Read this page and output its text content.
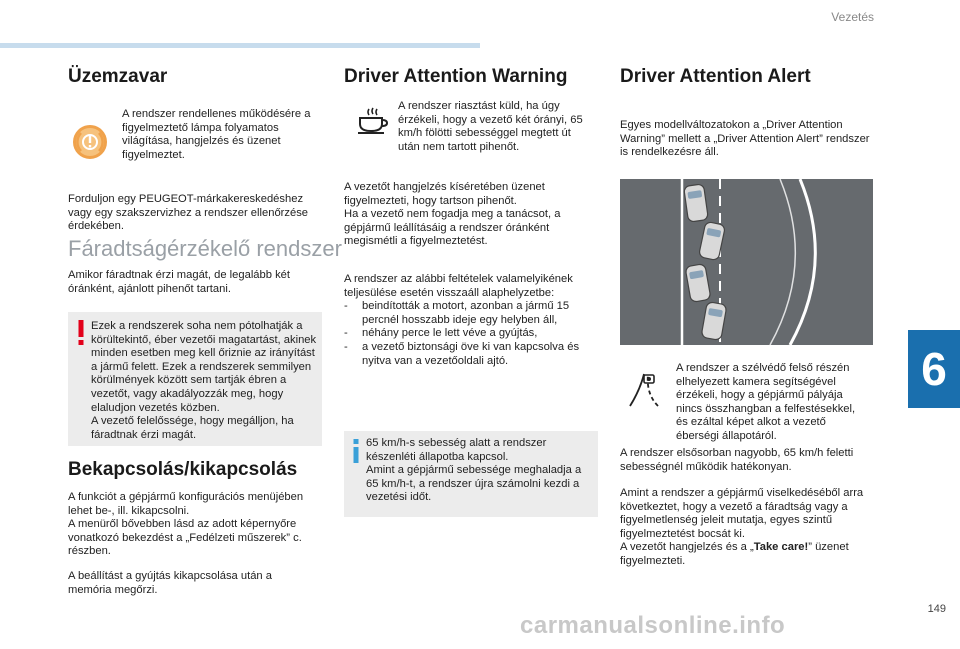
Vezetés
Üzemzavar
A rendszer rendellenes működésére a figyelmeztető lámpa folyamatos világítása, hangjelzés és üzenet figyelmeztet.
Forduljon egy PEUGEOT-márkakereskedéshez vagy egy szakszervizhez a rendszer ellenőrzése érdekében.
Fáradtságérzékelő rendszer
Amikor fáradtnak érzi magát, de legalább két óránként, ajánlott pihenőt tartani.
Ezek a rendszerek soha nem pótolhatják a körültekintő, éber vezetői magatartást, akinek minden esetben meg kell őriznie az irányítást a jármű felett. Ezek a rendszerek semmilyen körülmények között sem tartják ébren a vezetőt, vagy akadályozzák meg, hogy elaludjon vezetés közben.
A vezető felelőssége, hogy megálljon, ha fáradtnak érzi magát.
Bekapcsolás/kikapcsolás
A funkciót a gépjármű konfigurációs menüjében lehet be-, ill. kikapcsolni.
A menüről bővebben lásd az adott képernyőre vonatkozó bekezdést a „Fedélzeti műszerek” c. részben.
A beállítást a gyújtás kikapcsolása után a memória megőrzi.
Driver Attention Warning
A rendszer riasztást küld, ha úgy érzékeli, hogy a vezető két órányi, 65 km/h fölötti sebességgel megtett út után nem tartott pihenőt.
A vezetőt hangjelzés kíséretében üzenet figyelmezteti, hogy tartson pihenőt.
Ha a vezető nem fogadja meg a tanácsot, a gépjármű leállításáig a rendszer óránként megismétli a figyelmeztetést.
A rendszer az alábbi feltételek valamelyikének teljesülése esetén visszaáll alaphelyzetbe:
-	beindították a motort, azonban a jármű 15 percnél hosszabb ideje egy helyben áll,
-	néhány perce le lett véve a gyújtás,
-	a vezető biztonsági öve ki van kapcsolva és nyitva van a vezetőoldali ajtó.
65 km/h-s sebesség alatt a rendszer készenléti állapotba kapcsol.
Amint a gépjármű sebessége meghaladja a 65 km/h-t, a rendszer újra számolni kezdi a vezetési időt.
Driver Attention Alert
Egyes modellváltozatokon a „Driver Attention Warning” mellett a „Driver Attention Alert” rendszer is rendelkezésre áll.
A rendszer a szélvédő felső részén elhelyezett kamera segítségével érzékeli, hogy a gépjármű pályája nincs összhangban a felfestésekkel, és ezáltal képet alkot a vezető éberségi állapotáról.
A rendszer elsősorban nagyobb, 65 km/h feletti sebességnél működik hatékonyan.
Amint a rendszer a gépjármű viselkedéséből arra következtet, hogy a vezető a fáradtság vagy a figyelmetlenség jeleit mutatja, egyes szintű figyelmeztetést bocsát ki.
A vezetőt hangjelzés és a „Take care!” üzenet figyelmezteti.
6
149
carmanualsonline.info
